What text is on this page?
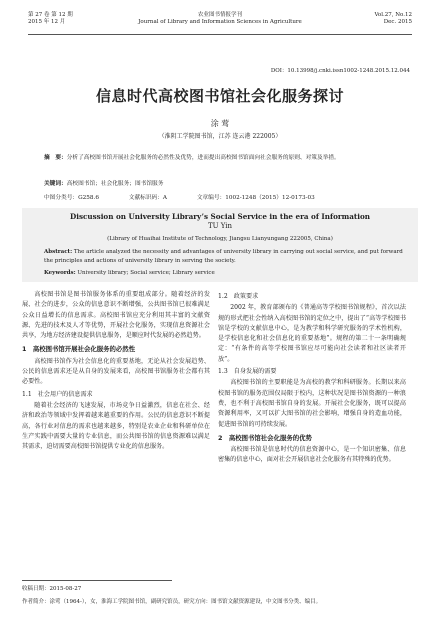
第 27 卷 第 12 期
2015 年 12 月
农业图书情报学刊
Journal of Library and Information Sciences in Agriculture
Vol.27, No.12
Dec. 2015
DOI：10.13998/j.cnki.issn1002-1248.2015.12.044
信息时代高校图书馆社会化服务探讨
涂 莺
（淮阴工学院图书馆，江苏 连云港 222005）
摘　要：分析了高校图书馆开展社会化服务的必然性及优势，进而提出高校图书馆面向社会服务的原则、对策及举措。
关键词：高校图书馆；社会化服务；图书馆服务
中图分类号：G258.6	文献标识码：A	文章编号：1002-1248（2015）12-0173-03
Discussion on University Library’s Social Service in the era of Information
TU Yin
(Library of Huaihai Institute of Technology, Jiangsu Lianyungang 222005, China)
Abstract: The article analyzed the necessity and advantages of university library in carrying out social service, and put forward the principles and actions of university library in serving the society.
Keywords: University library; Social service; Library service

高校图书馆是图书馆服务体系的重要组成部分。随着经济的发展、社会的进步，公众的信息意识不断增强，公共图书馆已很难满足公众日益增长的信息需求。高校图书馆应充分利用其丰富的文献资源、先进的技术及人才等优势，开展社会化服务，实现信息资源社会共享，为地方经济建设提供信息服务，是顺应时代发展的必然趋势。

1　高校图书馆开展社会化服务的必然性

高校图书馆作为社会信息化的重要基地，无论从社会发展趋势、公民的信息需求还是从自身的发展来看，高校图书馆服务社会都有其必要性。

1.1　社会用户的信息需求

随着社会经济的飞速发展，市场竞争日益激烈，信息在社会、经济和政治等领域中发挥着越来越重要的作用。公民的信息意识不断提高，各行业对信息的需求也越来越多，特别是农业企业和科研单位在生产实践中需要大量的专业信息，而公共图书馆的信息资源难以满足其需求，迫切需要高校图书馆提供专业化的信息服务。

1.2　政策要求

2002 年，教育部颁布的《普通高等学校图书馆规程》，首次以法规的形式把社会性纳入高校图书馆的定位之中，提出了“高等学校图书馆是学校的文献信息中心，是为教学和科学研究服务的学术性机构，是学校信息化和社会信息化的重要基地”。规程的第二十一条明确规定：“有条件的高等学校图书馆应尽可能向社会读者和社区读者开放”。

1.3　自身发展的需要

高校图书馆的主要职能是为高校的教学和科研服务。长期以来高校图书馆的服务范围仅局限于校内，这种状况是图书馆资源的一种浪费，也不利于高校图书馆自身的发展。开展社会化服务，既可以提高资源利用率，又可以扩大图书馆的社会影响，增强自身的造血功能，促进图书馆的可持续发展。

2　高校图书馆社会化服务的优势

高校图书馆是信息时代的信息资源中心，是一个知识密集、信息密集的信息中心，面对社会开展信息社会化服务有其特殊的优势。

收稿日期：2015-08-27
作者简介：涂莺（1964-），女，淮海工学院图书馆，副研究馆员，研究方向：图书馆文献资源建设，中文图书分类、编目。
